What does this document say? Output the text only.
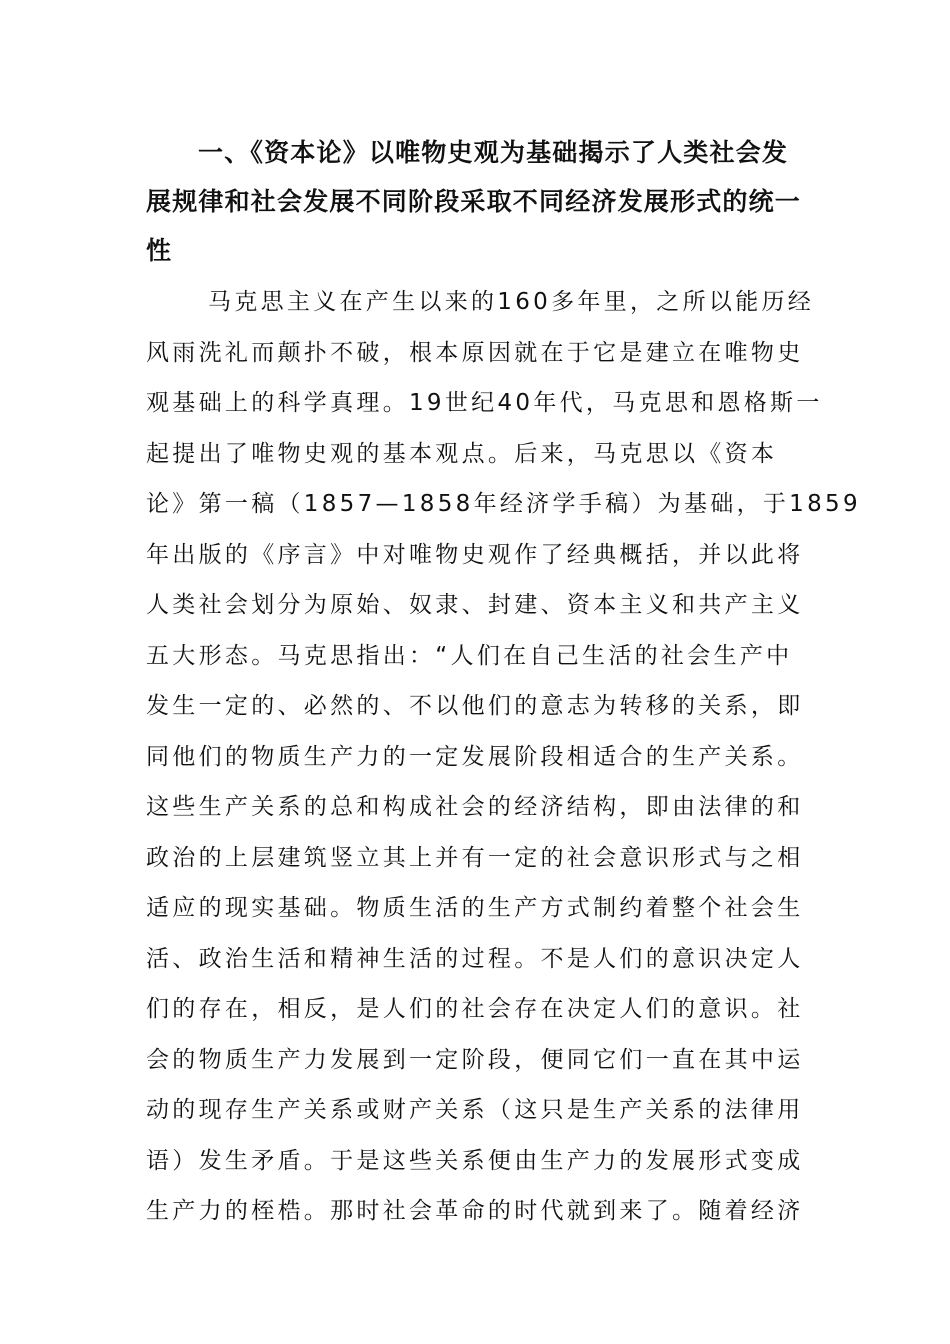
一、《资本论》以唯物史观为基础揭示了人类社会发
展规律和社会发展不同阶段采取不同经济发展形式的统一
性

马克思主义在产生以来的160多年里，之所以能历经
风雨洗礼而颠扑不破，根本原因就在于它是建立在唯物史
观基础上的科学真理。19世纪40年代，马克思和恩格斯一
起提出了唯物史观的基本观点。后来，马克思以《资本
论》第一稿（1857—1858年经济学手稿）为基础，于1859
年出版的《序言》中对唯物史观作了经典概括，并以此将
人类社会划分为原始、奴隶、封建、资本主义和共产主义
五大形态。马克思指出：“人们在自己生活的社会生产中
发生一定的、必然的、不以他们的意志为转移的关系，即
同他们的物质生产力的一定发展阶段相适合的生产关系。
这些生产关系的总和构成社会的经济结构，即由法律的和
政治的上层建筑竖立其上并有一定的社会意识形式与之相
适应的现实基础。物质生活的生产方式制约着整个社会生
活、政治生活和精神生活的过程。不是人们的意识决定人
们的存在，相反，是人们的社会存在决定人们的意识。社
会的物质生产力发展到一定阶段，便同它们一直在其中运
动的现存生产关系或财产关系（这只是生产关系的法律用
语）发生矛盾。于是这些关系便由生产力的发展形式变成
生产力的桎梏。那时社会革命的时代就到来了。随着经济
